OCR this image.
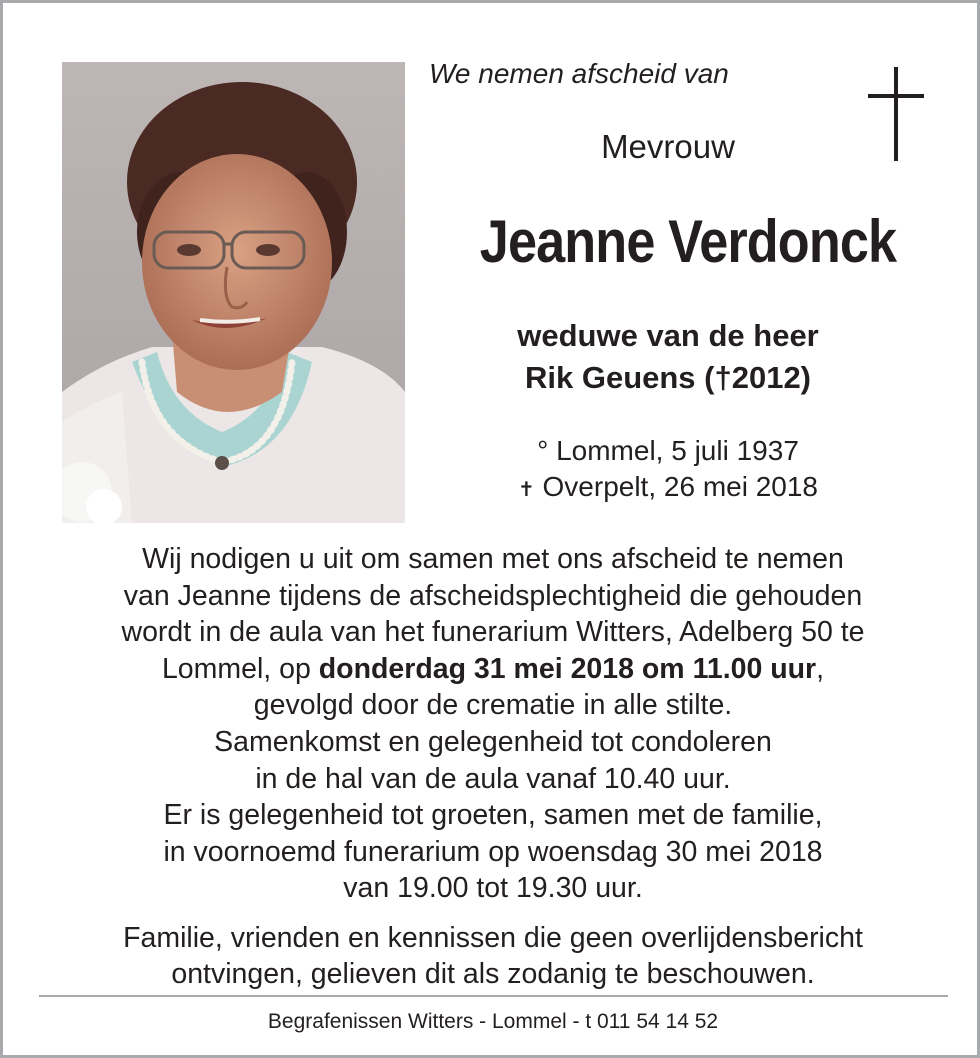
We nemen afscheid van
Mevrouw
Jeanne Verdonck
weduwe van de heer
Rik Geuens (†2012)
° Lommel, 5 juli 1937
✝ Overpelt, 26 mei 2018
Wij nodigen u uit om samen met ons afscheid te nemen
van Jeanne tijdens de afscheidsplechtigheid die gehouden
wordt in de aula van het funerarium Witters, Adelberg 50 te
Lommel, op donderdag 31 mei 2018 om 11.00 uur,
gevolgd door de crematie in alle stilte.
Samenkomst en gelegenheid tot condoleren
in de hal van de aula vanaf 10.40 uur.
Er is gelegenheid tot groeten, samen met de familie,
in voornoemd funerarium op woensdag 30 mei 2018
van 19.00 tot 19.30 uur.
Familie, vrienden en kennissen die geen overlijdensbericht
ontvingen, gelieven dit als zodanig te beschouwen.
Begrafenissen Witters - Lommel - t 011 54 14 52
